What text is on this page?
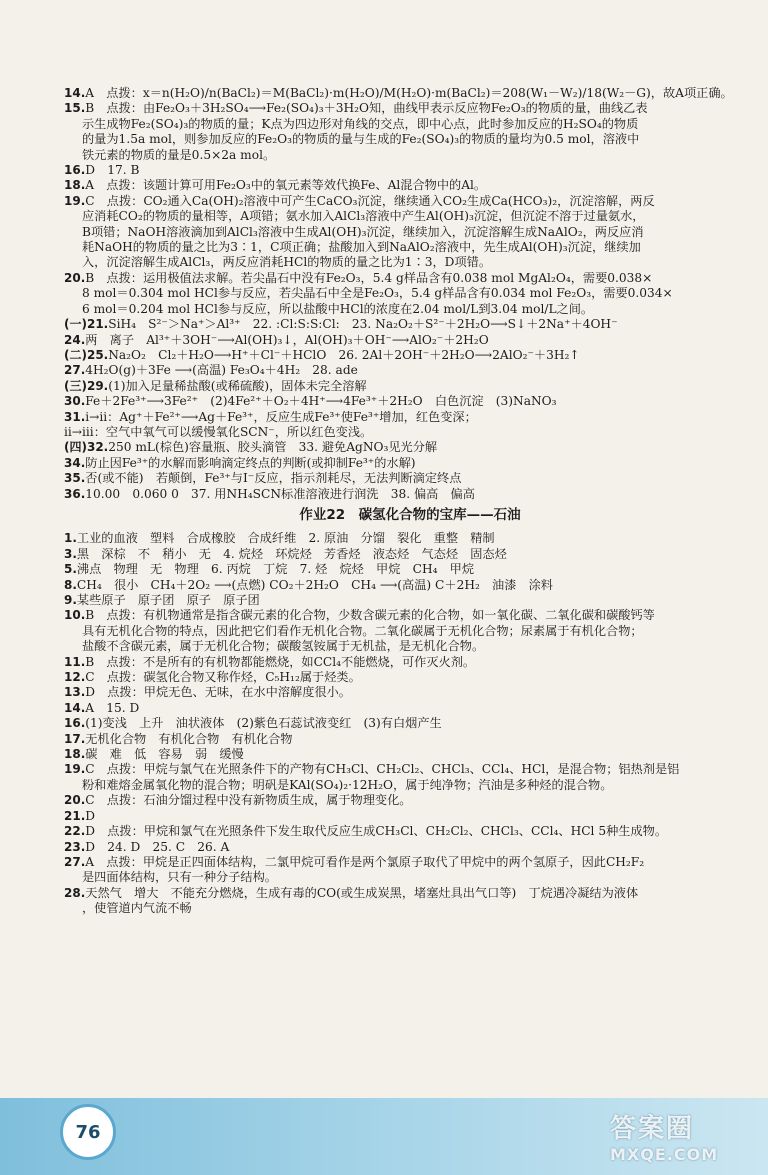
14.A　点拨：x＝n(H₂O)/n(BaCl₂)＝M(BaCl₂)·m(H₂O)/M(H₂O)·m(BaCl₂)＝208(W₁－W₂)/18(W₂－G)，故A项正确。
15.B　点拨：由Fe₂O₃＋3H₂SO₄⟶Fe₂(SO₄)₃＋3H₂O知，曲线甲表示反应物Fe₂O₃的物质的量，曲线乙表
示生成物Fe₂(SO₄)₃的物质的量；K点为四边形对角线的交点，即中心点，此时参加反应的H₂SO₄的物质
的量为1.5a mol，则参加反应的Fe₂O₃的物质的量与生成的Fe₂(SO₄)₃的物质的量均为0.5 mol，溶液中
铁元素的物质的量是0.5×2a mol。
16.D　17. B
18.A　点拨：该题计算可用Fe₂O₃中的氧元素等效代换Fe、Al混合物中的Al。
19.C　点拨：CO₂通入Ca(OH)₂溶液中可产生CaCO₃沉淀，继续通入CO₂生成Ca(HCO₃)₂，沉淀溶解，两反
应消耗CO₂的物质的量相等，A项错；氨水加入AlCl₃溶液中产生Al(OH)₃沉淀，但沉淀不溶于过量氨水，
B项错；NaOH溶液滴加到AlCl₃溶液中生成Al(OH)₃沉淀，继续加入，沉淀溶解生成NaAlO₂，两反应消
耗NaOH的物质的量之比为3∶1，C项正确；盐酸加入到NaAlO₂溶液中，先生成Al(OH)₃沉淀，继续加
入，沉淀溶解生成AlCl₃，两反应消耗HCl的物质的量之比为1∶3，D项错。
20.B　点拨：运用极值法求解。若尖晶石中没有Fe₂O₃，5.4 g样品含有0.038 mol MgAl₂O₄，需要0.038×
8 mol＝0.304 mol HCl参与反应，若尖晶石中全是Fe₂O₃，5.4 g样品含有0.034 mol Fe₂O₃，需要0.034×
6 mol＝0.204 mol HCl参与反应，所以盐酸中HCl的浓度在2.04 mol/L到3.04 mol/L之间。
(一)21.SiH₄　S²⁻＞Na⁺＞Al³⁺　22. :Cl:S:S:Cl:　23. Na₂O₂＋S²⁻＋2H₂O⟶S↓＋2Na⁺＋4OH⁻
24.两　离子　Al³⁺＋3OH⁻⟶Al(OH)₃↓，Al(OH)₃＋OH⁻⟶AlO₂⁻＋2H₂O
(二)25.Na₂O₂　Cl₂＋H₂O⟶H⁺＋Cl⁻＋HClO　26. 2Al＋2OH⁻＋2H₂O⟶2AlO₂⁻＋3H₂↑
27.4H₂O(g)＋3Fe ⟶(高温) Fe₃O₄＋4H₂　28. ade
(三)29.(1)加入足量稀盐酸(或稀硫酸)，固体未完全溶解
30.Fe＋2Fe³⁺⟶3Fe²⁺　(2)4Fe²⁺＋O₂＋4H⁺⟶4Fe³⁺＋2H₂O　白色沉淀　(3)NaNO₃
31.i→ii：Ag⁺＋Fe²⁺⟶Ag＋Fe³⁺，反应生成Fe³⁺使Fe³⁺增加，红色变深；
ii→iii：空气中氧气可以缓慢氧化SCN⁻，所以红色变浅。
(四)32.250 mL(棕色)容量瓶、胶头滴管　33. 避免AgNO₃见光分解
34.防止因Fe³⁺的水解而影响滴定终点的判断(或抑制Fe³⁺的水解)
35.否(或不能)　若颠倒，Fe³⁺与I⁻反应，指示剂耗尽，无法判断滴定终点
36.10.00　0.060 0　37. 用NH₄SCN标准溶液进行润洗　38. 偏高　偏高
作业22　碳氢化合物的宝库——石油
1.工业的血液　塑料　合成橡胶　合成纤维　2. 原油　分馏　裂化　重整　精制
3.黑　深棕　不　稍小　无　4. 烷烃　环烷烃　芳香烃　液态烃　气态烃　固态烃
5.沸点　物理　无　物理　6. 丙烷　丁烷　7. 烃　烷烃　甲烷　CH₄　甲烷
8.CH₄　很小　CH₄＋2O₂ ⟶(点燃) CO₂＋2H₂O　CH₄ ⟶(高温) C＋2H₂　油漆　涂料
9.某些原子　原子团　原子　原子团
10.B　点拨：有机物通常是指含碳元素的化合物，少数含碳元素的化合物，如一氧化碳、二氧化碳和碳酸钙等
具有无机化合物的特点，因此把它们看作无机化合物。二氧化碳属于无机化合物；尿素属于有机化合物；
盐酸不含碳元素，属于无机化合物；碳酸氢铵属于无机盐，是无机化合物。
11.B　点拨：不是所有的有机物都能燃烧，如CCl₄不能燃烧，可作灭火剂。
12.C　点拨：碳氢化合物又称作烃，C₅H₁₂属于烃类。
13.D　点拨：甲烷无色、无味，在水中溶解度很小。
14.A　15. D
16.(1)变浅　上升　油状液体　(2)紫色石蕊试液变红　(3)有白烟产生
17.无机化合物　有机化合物　有机化合物
18.碳　难　低　容易　弱　缓慢
19.C　点拨：甲烷与氯气在光照条件下的产物有CH₃Cl、CH₂Cl₂、CHCl₃、CCl₄、HCl，是混合物；铝热剂是铝
粉和难熔金属氧化物的混合物；明矾是KAl(SO₄)₂·12H₂O，属于纯净物；汽油是多种烃的混合物。
20.C　点拨：石油分馏过程中没有新物质生成，属于物理变化。
21.D
22.D　点拨：甲烷和氯气在光照条件下发生取代反应生成CH₃Cl、CH₂Cl₂、CHCl₃、CCl₄、HCl 5种生成物。
23.D　24. D　25. C　26. A
27.A　点拨：甲烷是正四面体结构，二氯甲烷可看作是两个氯原子取代了甲烷中的两个氢原子，因此CH₂F₂
是四面体结构，只有一种分子结构。
28.天然气　增大　不能充分燃烧，生成有毒的CO(或生成炭黑，堵塞灶具出气口等)　丁烷遇冷凝结为液体
，使管道内气流不畅
76	答案圈
MXQE.COM
